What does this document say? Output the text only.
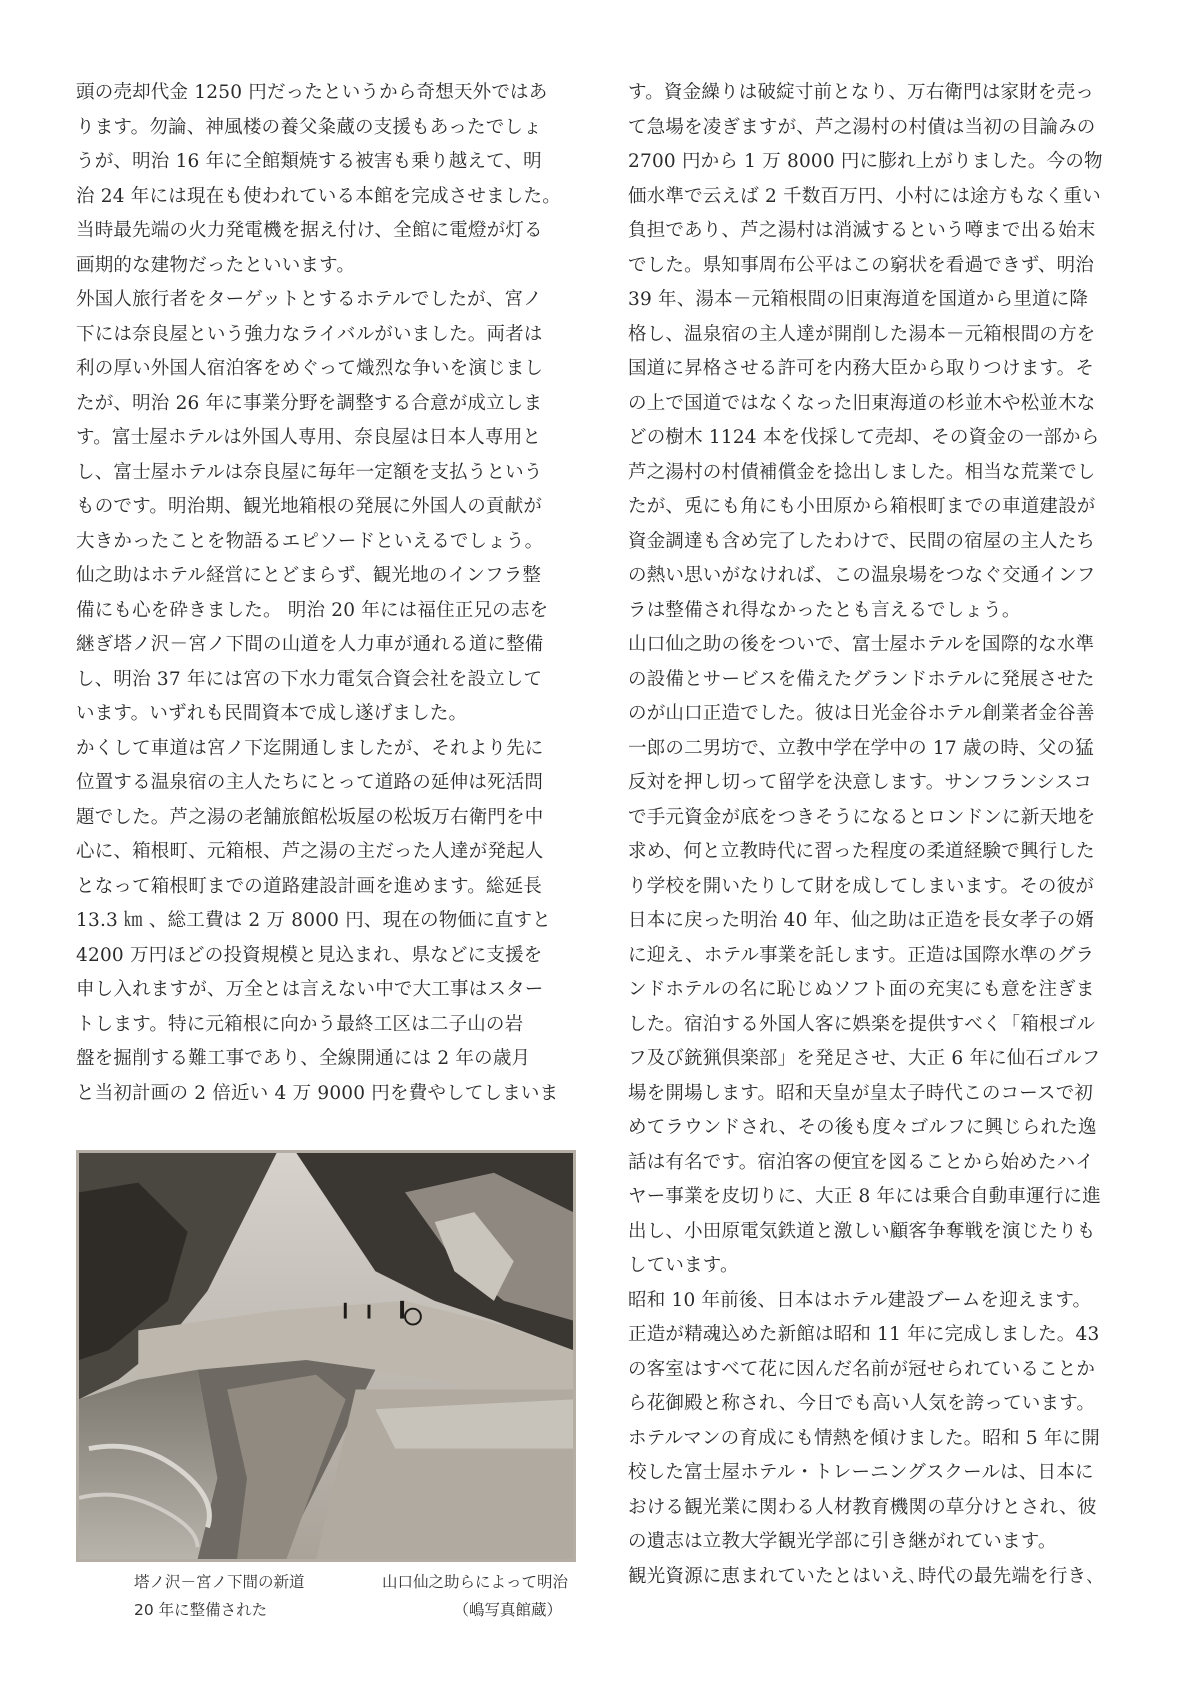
頭の売却代金 1250 円だったというから奇想天外ではあ
ります。勿論、神風楼の養父粂蔵の支援もあったでしょ
うが、明治 16 年に全館類焼する被害も乗り越えて、明
治 24 年には現在も使われている本館を完成させました。
当時最先端の火力発電機を据え付け、全館に電燈が灯る
画期的な建物だったといいます。
外国人旅行者をターゲットとするホテルでしたが、宮ノ
下には奈良屋という強力なライバルがいました。両者は
利の厚い外国人宿泊客をめぐって熾烈な争いを演じまし
たが、明治 26 年に事業分野を調整する合意が成立しま
す。富士屋ホテルは外国人専用、奈良屋は日本人専用と
し、富士屋ホテルは奈良屋に毎年一定額を支払うという
ものです。明治期、観光地箱根の発展に外国人の貢献が
大きかったことを物語るエピソードといえるでしょう。
仙之助はホテル経営にとどまらず、観光地のインフラ整
備にも心を砕きました。 明治 20 年には福住正兄の志を
継ぎ塔ノ沢－宮ノ下間の山道を人力車が通れる道に整備
し、明治 37 年には宮の下水力電気合資会社を設立して
います。いずれも民間資本で成し遂げました。
かくして車道は宮ノ下迄開通しましたが、それより先に
位置する温泉宿の主人たちにとって道路の延伸は死活問
題でした。芦之湯の老舗旅館松坂屋の松坂万右衛門を中
心に、箱根町、元箱根、芦之湯の主だった人達が発起人
となって箱根町までの道路建設計画を進めます。総延長
13.3 ㎞ 、総工費は 2 万 8000 円、現在の物価に直すと
4200 万円ほどの投資規模と見込まれ、県などに支援を
申し入れますが、万全とは言えない中で大工事はスター
トします。特に元箱根に向かう最終工区は二子山の岩
盤を掘削する難工事であり、全線開通には 2 年の歳月
と当初計画の 2 倍近い 4 万 9000 円を費やしてしまいま
す。資金繰りは破綻寸前となり、万右衛門は家財を売っ
て急場を凌ぎますが、芦之湯村の村債は当初の目論みの
2700 円から 1 万 8000 円に膨れ上がりました。今の物
価水準で云えば 2 千数百万円、小村には途方もなく重い
負担であり、芦之湯村は消滅するという噂まで出る始末
でした。県知事周布公平はこの窮状を看過できず、明治
39 年、湯本－元箱根間の旧東海道を国道から里道に降
格し、温泉宿の主人達が開削した湯本－元箱根間の方を
国道に昇格させる許可を内務大臣から取りつけます。そ
の上で国道ではなくなった旧東海道の杉並木や松並木な
どの樹木 1124 本を伐採して売却、その資金の一部から
芦之湯村の村債補償金を捻出しました。相当な荒業でし
たが、兎にも角にも小田原から箱根町までの車道建設が
資金調達も含め完了したわけで、民間の宿屋の主人たち
の熱い思いがなければ、この温泉場をつなぐ交通インフ
ラは整備され得なかったとも言えるでしょう。
山口仙之助の後をついで、富士屋ホテルを国際的な水準
の設備とサービスを備えたグランドホテルに発展させた
のが山口正造でした。彼は日光金谷ホテル創業者金谷善
一郎の二男坊で、立教中学在学中の 17 歳の時、父の猛
反対を押し切って留学を決意します。サンフランシスコ
で手元資金が底をつきそうになるとロンドンに新天地を
求め、何と立教時代に習った程度の柔道経験で興行した
り学校を開いたりして財を成してしまいます。その彼が
日本に戻った明治 40 年、仙之助は正造を長女孝子の婿
に迎え、ホテル事業を託します。正造は国際水準のグラ
ンドホテルの名に恥じぬソフト面の充実にも意を注ぎま
した。宿泊する外国人客に娯楽を提供すべく「箱根ゴル
フ及び銃猟倶楽部」を発足させ、大正 6 年に仙石ゴルフ
場を開場します。昭和天皇が皇太子時代このコースで初
めてラウンドされ、その後も度々ゴルフに興じられた逸
話は有名です。宿泊客の便宜を図ることから始めたハイ
ヤー事業を皮切りに、大正 8 年には乗合自動車運行に進
出し、小田原電気鉄道と激しい顧客争奪戦を演じたりも
しています。
昭和 10 年前後、日本はホテル建設ブームを迎えます。
正造が精魂込めた新館は昭和 11 年に完成しました。43
の客室はすべて花に因んだ名前が冠せられていることか
ら花御殿と称され、今日でも高い人気を誇っています。
ホテルマンの育成にも情熱を傾けました。昭和 5 年に開
校した富士屋ホテル・トレーニングスクールは、日本に
おける観光業に関わる人材教育機関の草分けとされ、彼
の遺志は立教大学観光学部に引き継がれています。
観光資源に恵まれていたとはいえ､時代の最先端を行き､
塔ノ沢－宮ノ下間の新道	山口仙之助らによって明治
20 年に整備された	（嶋写真館蔵）
